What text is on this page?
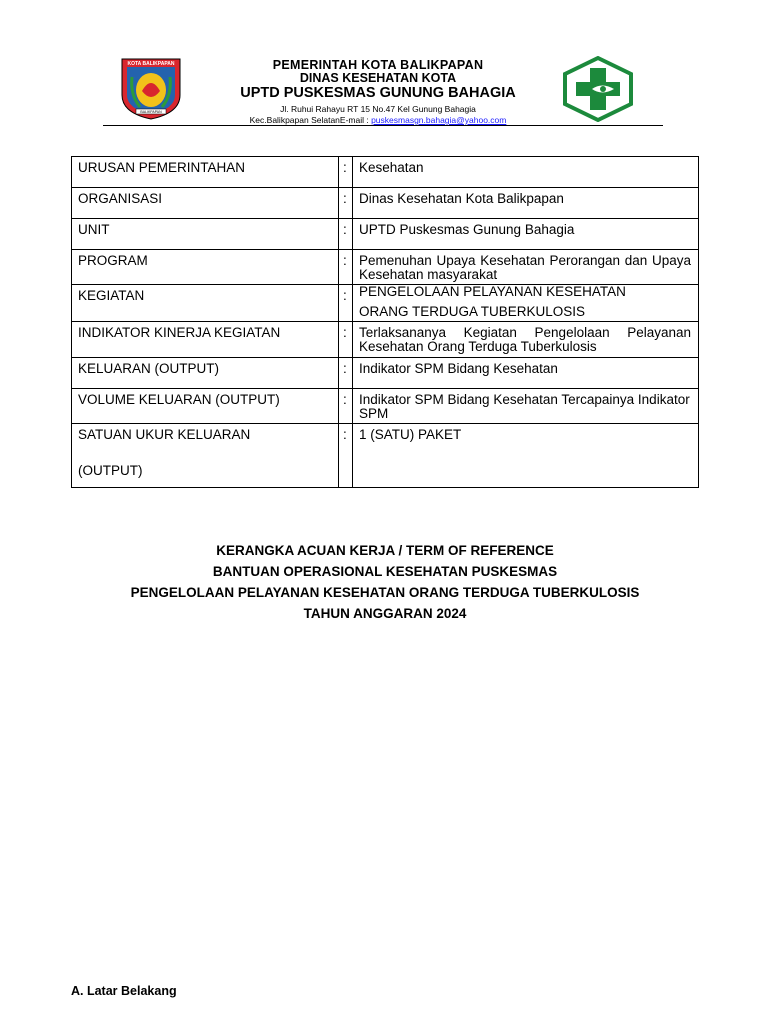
KOTA BALIKPAPAN
BALIKPAPAN
PEMERINTAH KOTA BALIKPAPAN
DINAS KESEHATAN KOTA
UPTD PUSKESMAS GUNUNG BAHAGIA
Jl. Ruhui Rahayu RT 15 No.47 Kel Gunung Bahagia
Kec.Balikpapan SelatanE-mail : puskesmasgn.bahagia@yahoo.com
URUSAN PEMERINTAHAN	:	Kesehatan
ORGANISASI	:	Dinas Kesehatan Kota Balikpapan
UNIT	:	UPTD Puskesmas Gunung Bahagia
PROGRAM	:	Pemenuhan Upaya Kesehatan Perorangan dan Upaya Kesehatan masyarakat
KEGIATAN	:	PENGELOLAAN PELAYANAN KESEHATAN
ORANG TERDUGA TUBERKULOSIS

INDIKATOR KINERJA KEGIATAN	:	Terlaksananya Kegiatan Pengelolaan Pelayanan Kesehatan Orang Terduga Tuberkulosis
KELUARAN (OUTPUT)	:	Indikator SPM Bidang Kesehatan
VOLUME KELUARAN (OUTPUT)	:	Indikator SPM Bidang Kesehatan Tercapainya Indikator SPM

SATUAN UKUR KELUARAN
(OUTPUT)	:	1 (SATU) PAKET
KERANGKA ACUAN KERJA / TERM OF REFERENCE
BANTUAN OPERASIONAL KESEHATAN PUSKESMAS
PENGELOLAAN PELAYANAN KESEHATAN ORANG TERDUGA TUBERKULOSIS
TAHUN ANGGARAN 2024
A. Latar Belakang
